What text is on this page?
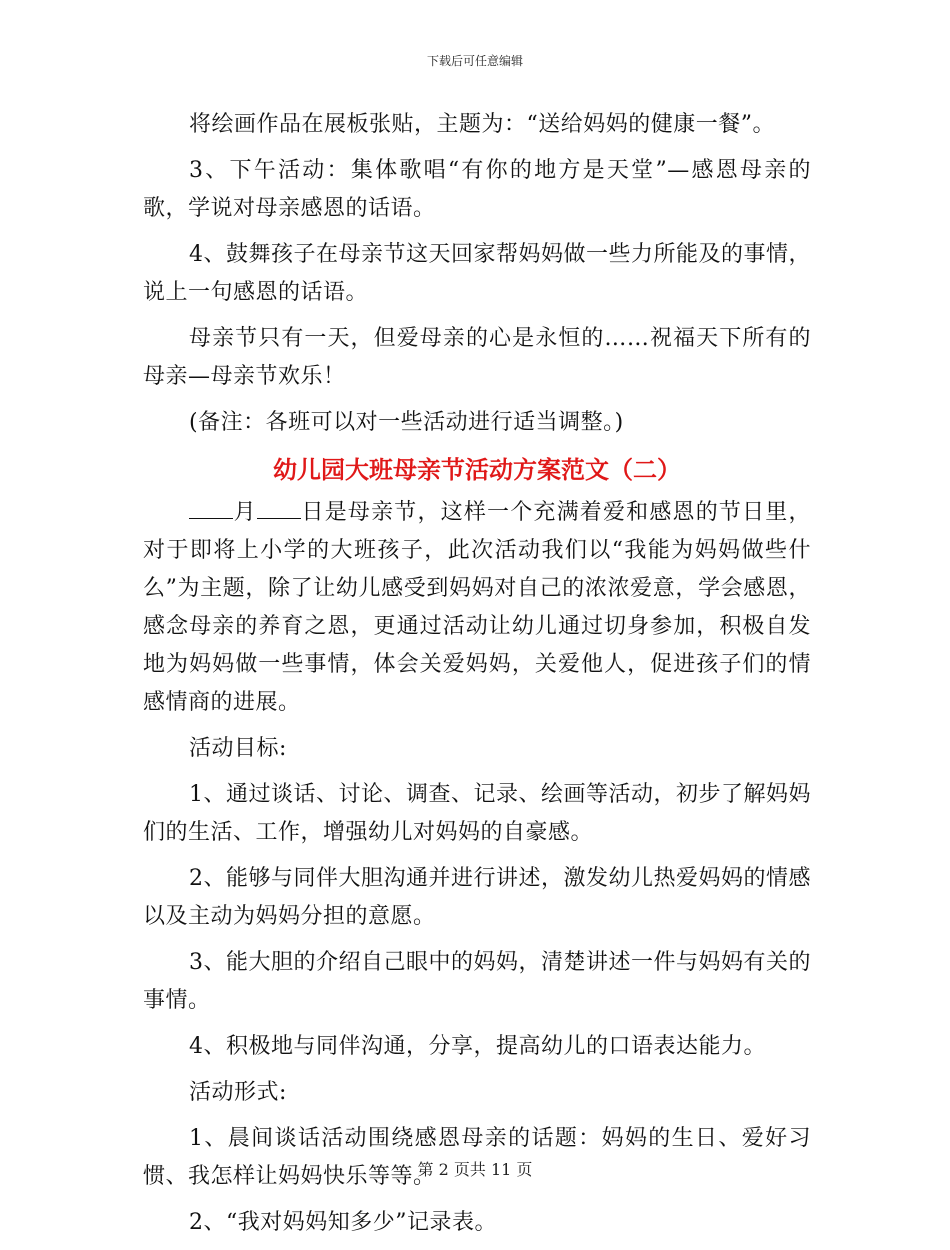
下载后可任意编辑

将绘画作品在展板张贴，主题为：“送给妈妈的健康一餐”。

3、下午活动：集体歌唱“有你的地方是天堂”—感恩母亲的歌，学说对母亲感恩的话语。

4、鼓舞孩子在母亲节这天回家帮妈妈做一些力所能及的事情，说上一句感恩的话语。

母亲节只有一天，但爱母亲的心是永恒的……祝福天下所有的母亲—母亲节欢乐！

(备注：各班可以对一些活动进行适当调整。)

幼儿园大班母亲节活动方案范文（二）

月 日是母亲节，这样一个充满着爱和感恩的节日里，对于即将上小学的大班孩子，此次活动我们以“我能为妈妈做些什么”为主题，除了让幼儿感受到妈妈对自己的浓浓爱意，学会感恩，感念母亲的养育之恩，更通过活动让幼儿通过切身参加，积极自发地为妈妈做一些事情，体会关爱妈妈，关爱他人，促进孩子们的情感情商的进展。

活动目标:

1、通过谈话、讨论、调查、记录、绘画等活动，初步了解妈妈们的生活、工作，增强幼儿对妈妈的自豪感。

2、能够与同伴大胆沟通并进行讲述，激发幼儿热爱妈妈的情感以及主动为妈妈分担的意愿。

3、能大胆的介绍自己眼中的妈妈，清楚讲述一件与妈妈有关的事情。

4、积极地与同伴沟通，分享，提高幼儿的口语表达能力。

活动形式:

1、晨间谈话活动围绕感恩母亲的话题：妈妈的生日、爱好习惯、我怎样让妈妈快乐等等。

2、“我对妈妈知多少”记录表。

第 2 页共 11 页
